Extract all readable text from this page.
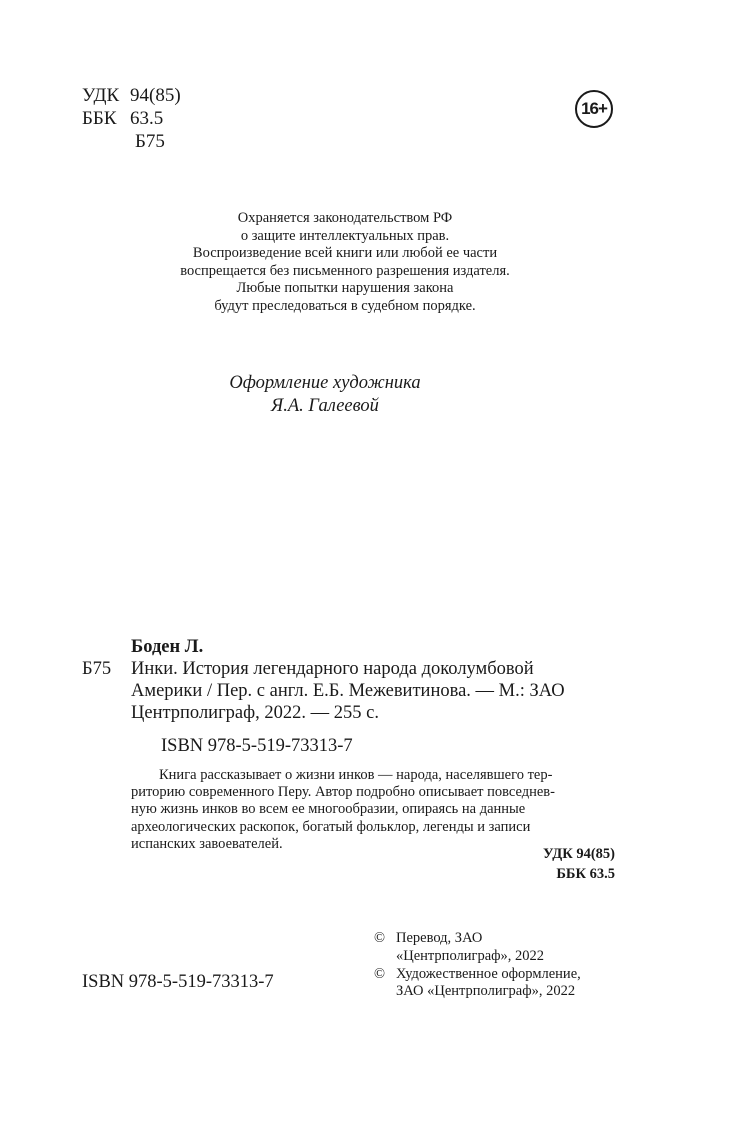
УДК 94(85)
ББК 63.5
Б75
16+
Охраняется законодательством РФ
о защите интеллектуальных прав.
Воспроизведение всей книги или любой ее части
воспрещается без письменного разрешения издателя.
Любые попытки нарушения закона
будут преследоваться в судебном порядке.
Оформление художника
Я.А. Галеевой
Боден Л.
Б75	Инки. История легендарного народа доколумбовой
Америки / Пер. с англ. Е.Б. Межевитинова. — М.: ЗАО
Центрполиграф, 2022. — 255 с.
ISBN 978-5-519-73313-7
Книга рассказывает о жизни инков — народа, населявшего тер-
риторию современного Перу. Автор подробно описывает повседнев-
ную жизнь инков во всем ее многообразии, опираясь на данные
археологических раскопок, богатый фольклор, легенды и записи
испанских завоевателей.
УДК 94(85)
ББК 63.5
© Перевод, ЗАО
«Центрполиграф», 2022
© Художественное оформление,
ЗАО «Центрполиграф», 2022
ISBN 978-5-519-73313-7
